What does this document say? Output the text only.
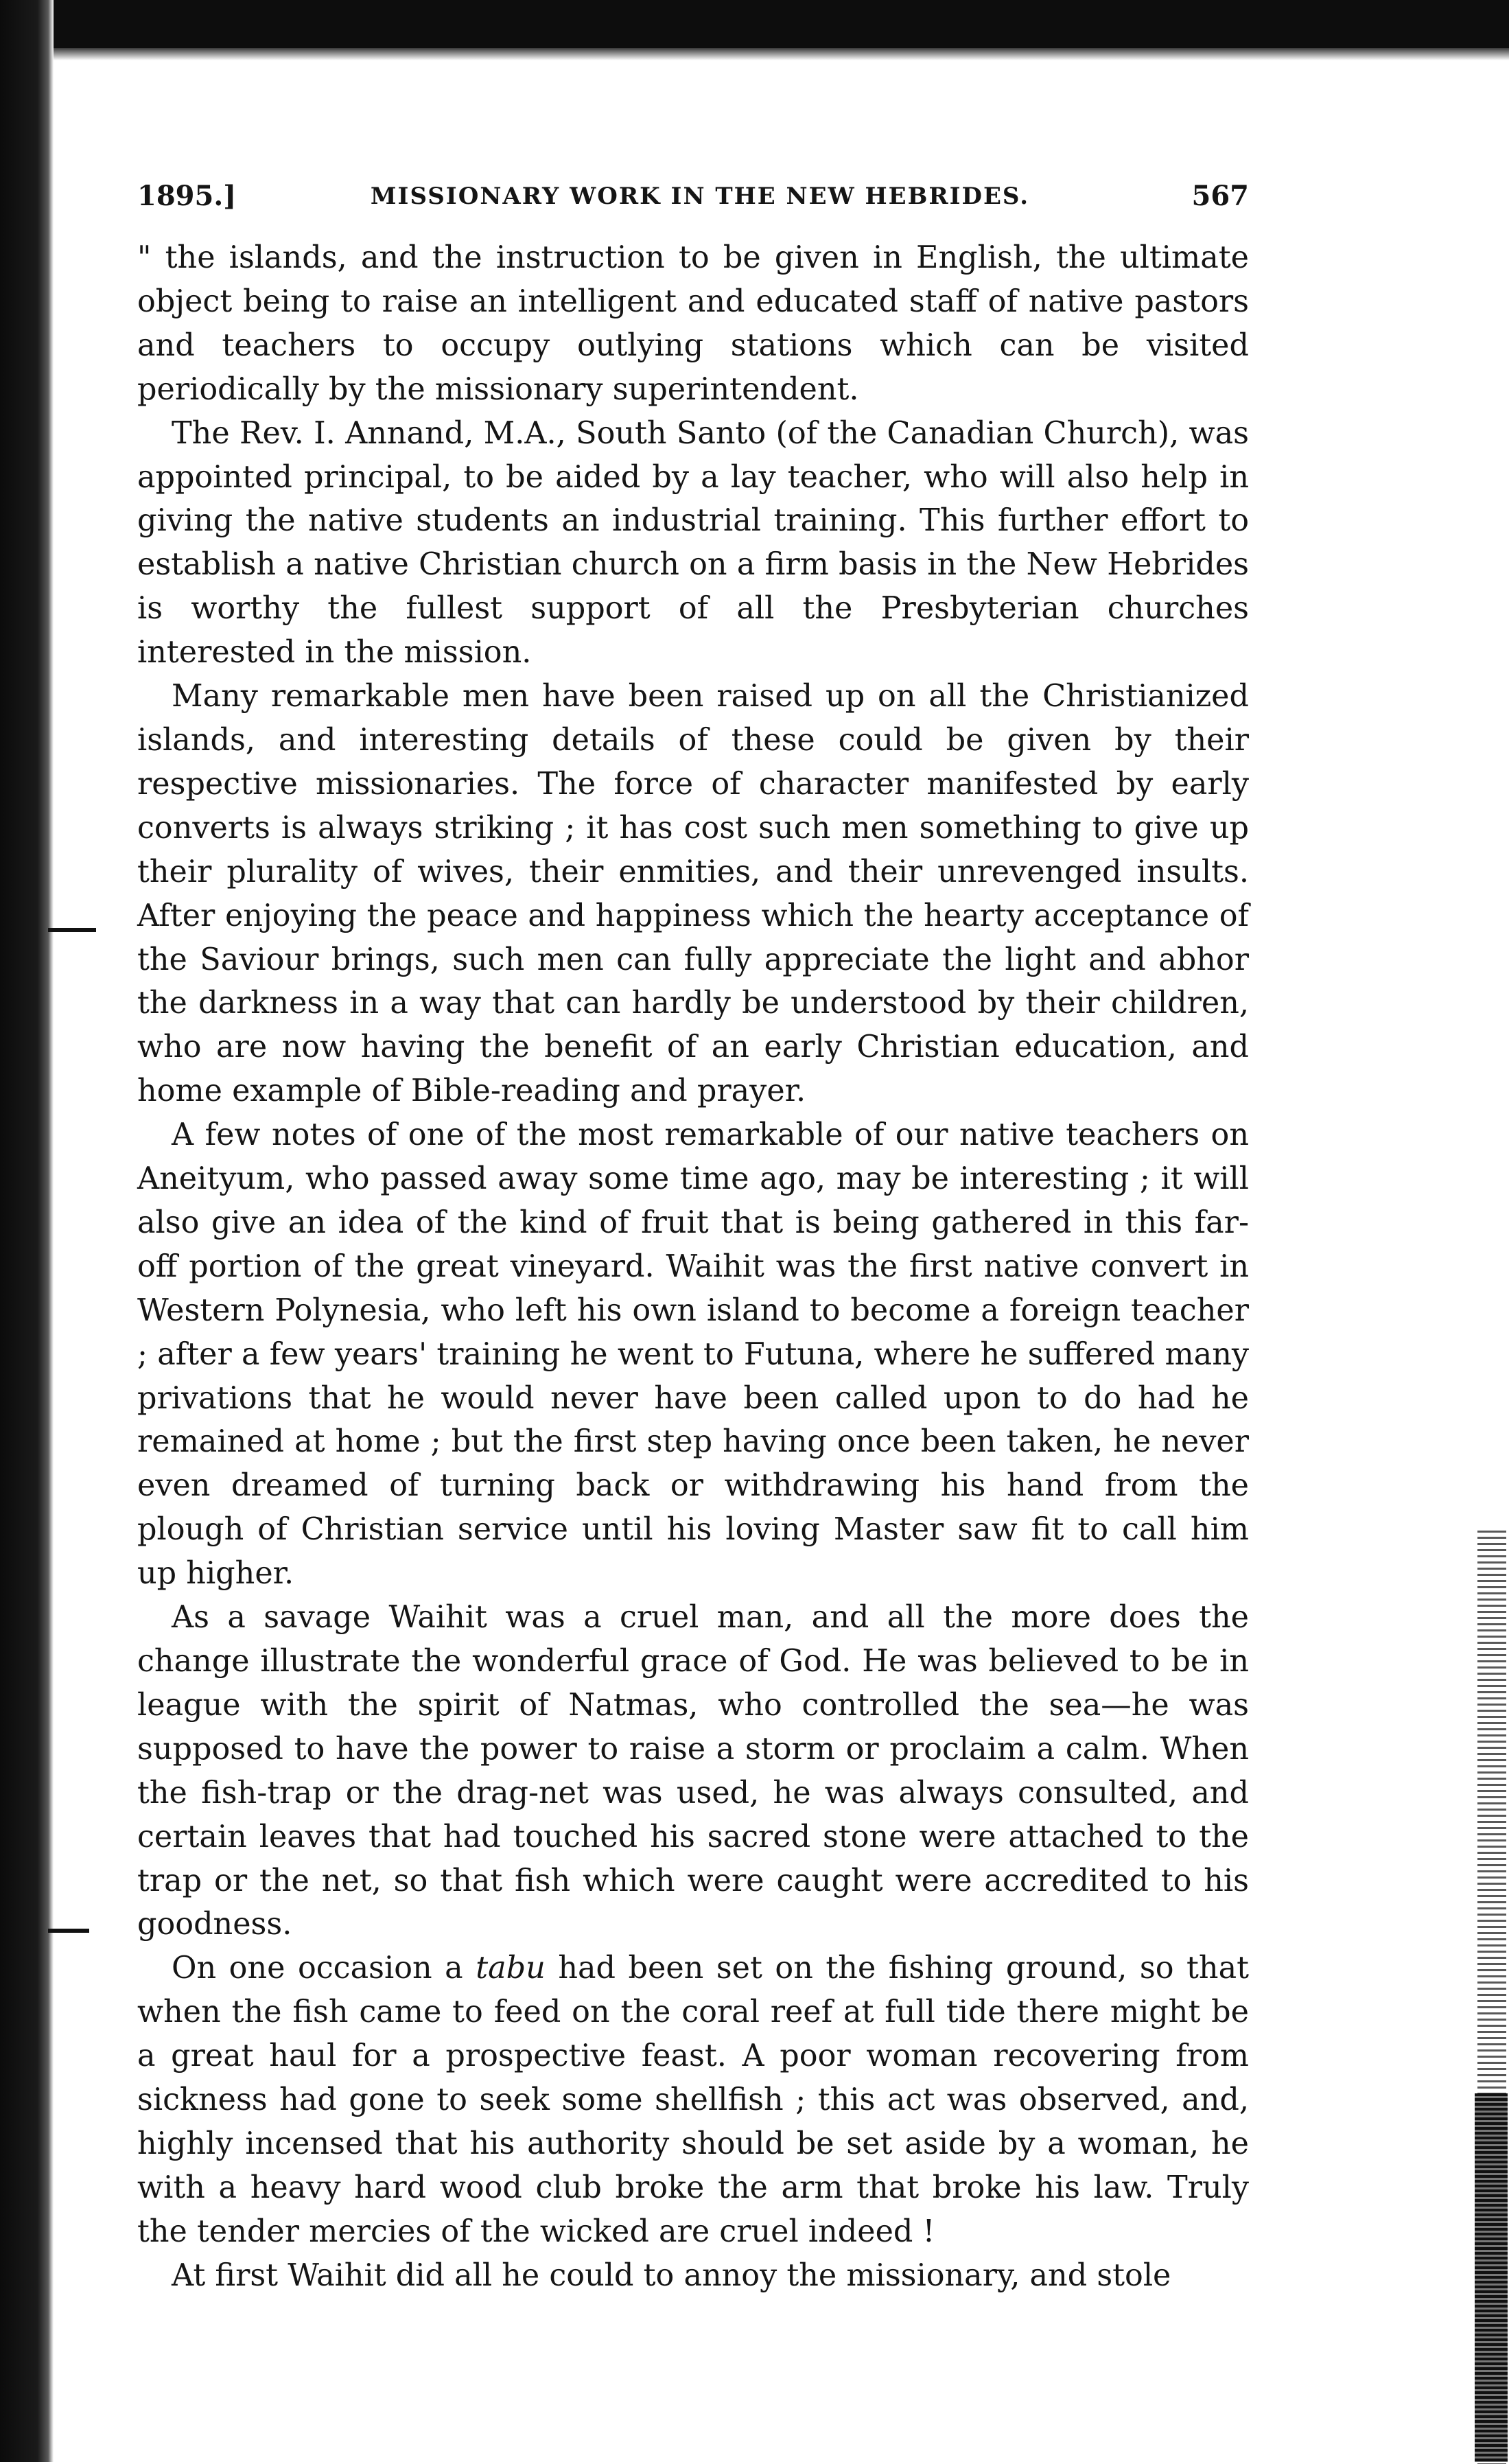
1895.]	MISSIONARY WORK IN THE NEW HEBRIDES.	567

" the islands, and the instruction to be given in English, the ultimate object being to raise an intelligent and educated staff of native pastors and teachers to occupy outlying stations which can be visited periodically by the missionary superintendent.

The Rev. I. Annand, M.A., South Santo (of the Canadian Church), was appointed principal, to be aided by a lay teacher, who will also help in giving the native students an industrial training. This further effort to establish a native Christian church on a firm basis in the New Hebrides is worthy the fullest support of all the Presbyterian churches interested in the mission.

Many remarkable men have been raised up on all the Christianized islands, and interesting details of these could be given by their respective missionaries. The force of character manifested by early converts is always striking ; it has cost such men something to give up their plurality of wives, their enmities, and their unrevenged insults. After enjoying the peace and happiness which the hearty acceptance of the Saviour brings, such men can fully appreciate the light and abhor the darkness in a way that can hardly be understood by their children, who are now having the benefit of an early Christian education, and home example of Bible-reading and prayer.

A few notes of one of the most remarkable of our native teachers on Aneityum, who passed away some time ago, may be interesting ; it will also give an idea of the kind of fruit that is being gathered in this far-off portion of the great vineyard. Waihit was the first native convert in Western Polynesia, who left his own island to become a foreign teacher ; after a few years' training he went to Futuna, where he suffered many privations that he would never have been called upon to do had he remained at home ; but the first step having once been taken, he never even dreamed of turning back or withdrawing his hand from the plough of Christian service until his loving Master saw fit to call him up higher.

As a savage Waihit was a cruel man, and all the more does the change illustrate the wonderful grace of God. He was believed to be in league with the spirit of Natmas, who controlled the sea—he was supposed to have the power to raise a storm or proclaim a calm. When the fish-trap or the drag-net was used, he was always consulted, and certain leaves that had touched his sacred stone were attached to the trap or the net, so that fish which were caught were accredited to his goodness.

On one occasion a tabu had been set on the fishing ground, so that when the fish came to feed on the coral reef at full tide there might be a great haul for a prospective feast. A poor woman recovering from sickness had gone to seek some shellfish ; this act was observed, and, highly incensed that his authority should be set aside by a woman, he with a heavy hard wood club broke the arm that broke his law. Truly the tender mercies of the wicked are cruel indeed !

At first Waihit did all he could to annoy the missionary, and stole
